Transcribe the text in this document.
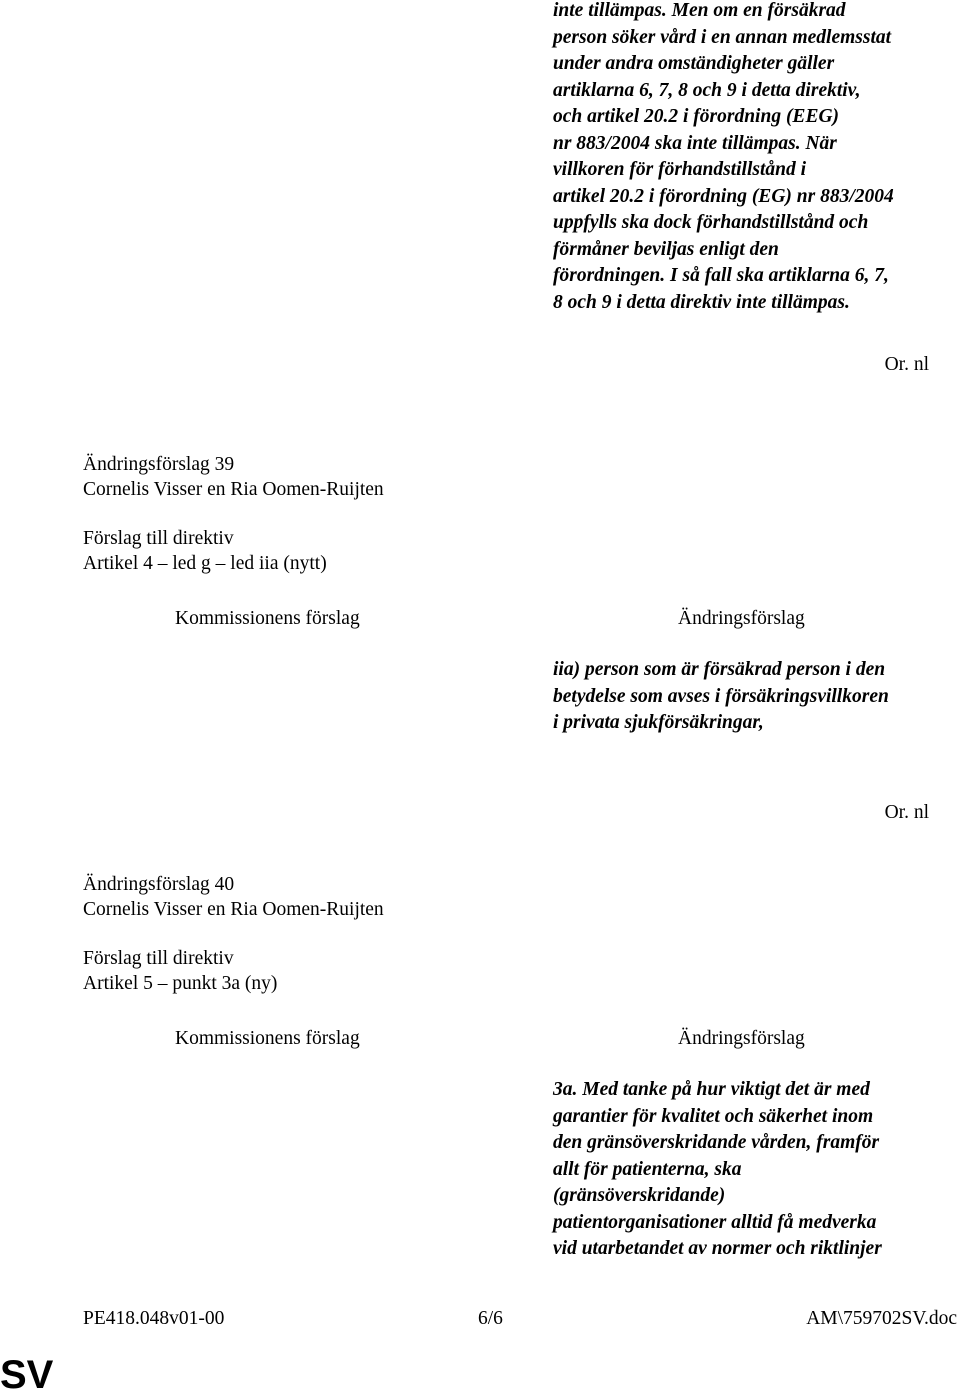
inte tillämpas. Men om en försäkrad
person söker vård i en annan medlemsstat
under andra omständigheter gäller
artiklarna 6, 7, 8 och 9 i detta direktiv,
och artikel 20.2 i förordning (EEG)
nr 883/2004 ska inte tillämpas. När
villkoren för förhandstillstånd i
artikel 20.2 i förordning (EG) nr 883/2004
uppfylls ska dock förhandstillstånd och
förmåner beviljas enligt den
förordningen. I så fall ska artiklarna 6, 7,
8 och 9 i detta direktiv inte tillämpas.
Or. nl
Ändringsförslag 39
Cornelis Visser en Ria Oomen-Ruijten
Förslag till direktiv
Artikel 4 – led g – led iia (nytt)
Kommissionens förslag	Ändringsförslag
iia) person som är försäkrad person i den
betydelse som avses i försäkringsvillkoren
i privata sjukförsäkringar,
Or. nl
Ändringsförslag 40
Cornelis Visser en Ria Oomen-Ruijten
Förslag till direktiv
Artikel 5 – punkt 3a (ny)
Kommissionens förslag	Ändringsförslag
3a. Med tanke på hur viktigt det är med
garantier för kvalitet och säkerhet inom
den gränsöverskridande vården, framför
allt för patienterna, ska
(gränsöverskridande)
patientorganisationer alltid få medverka
vid utarbetandet av normer och riktlinjer
PE418.048v01-00	6/6	AM\759702SV.doc
SV
